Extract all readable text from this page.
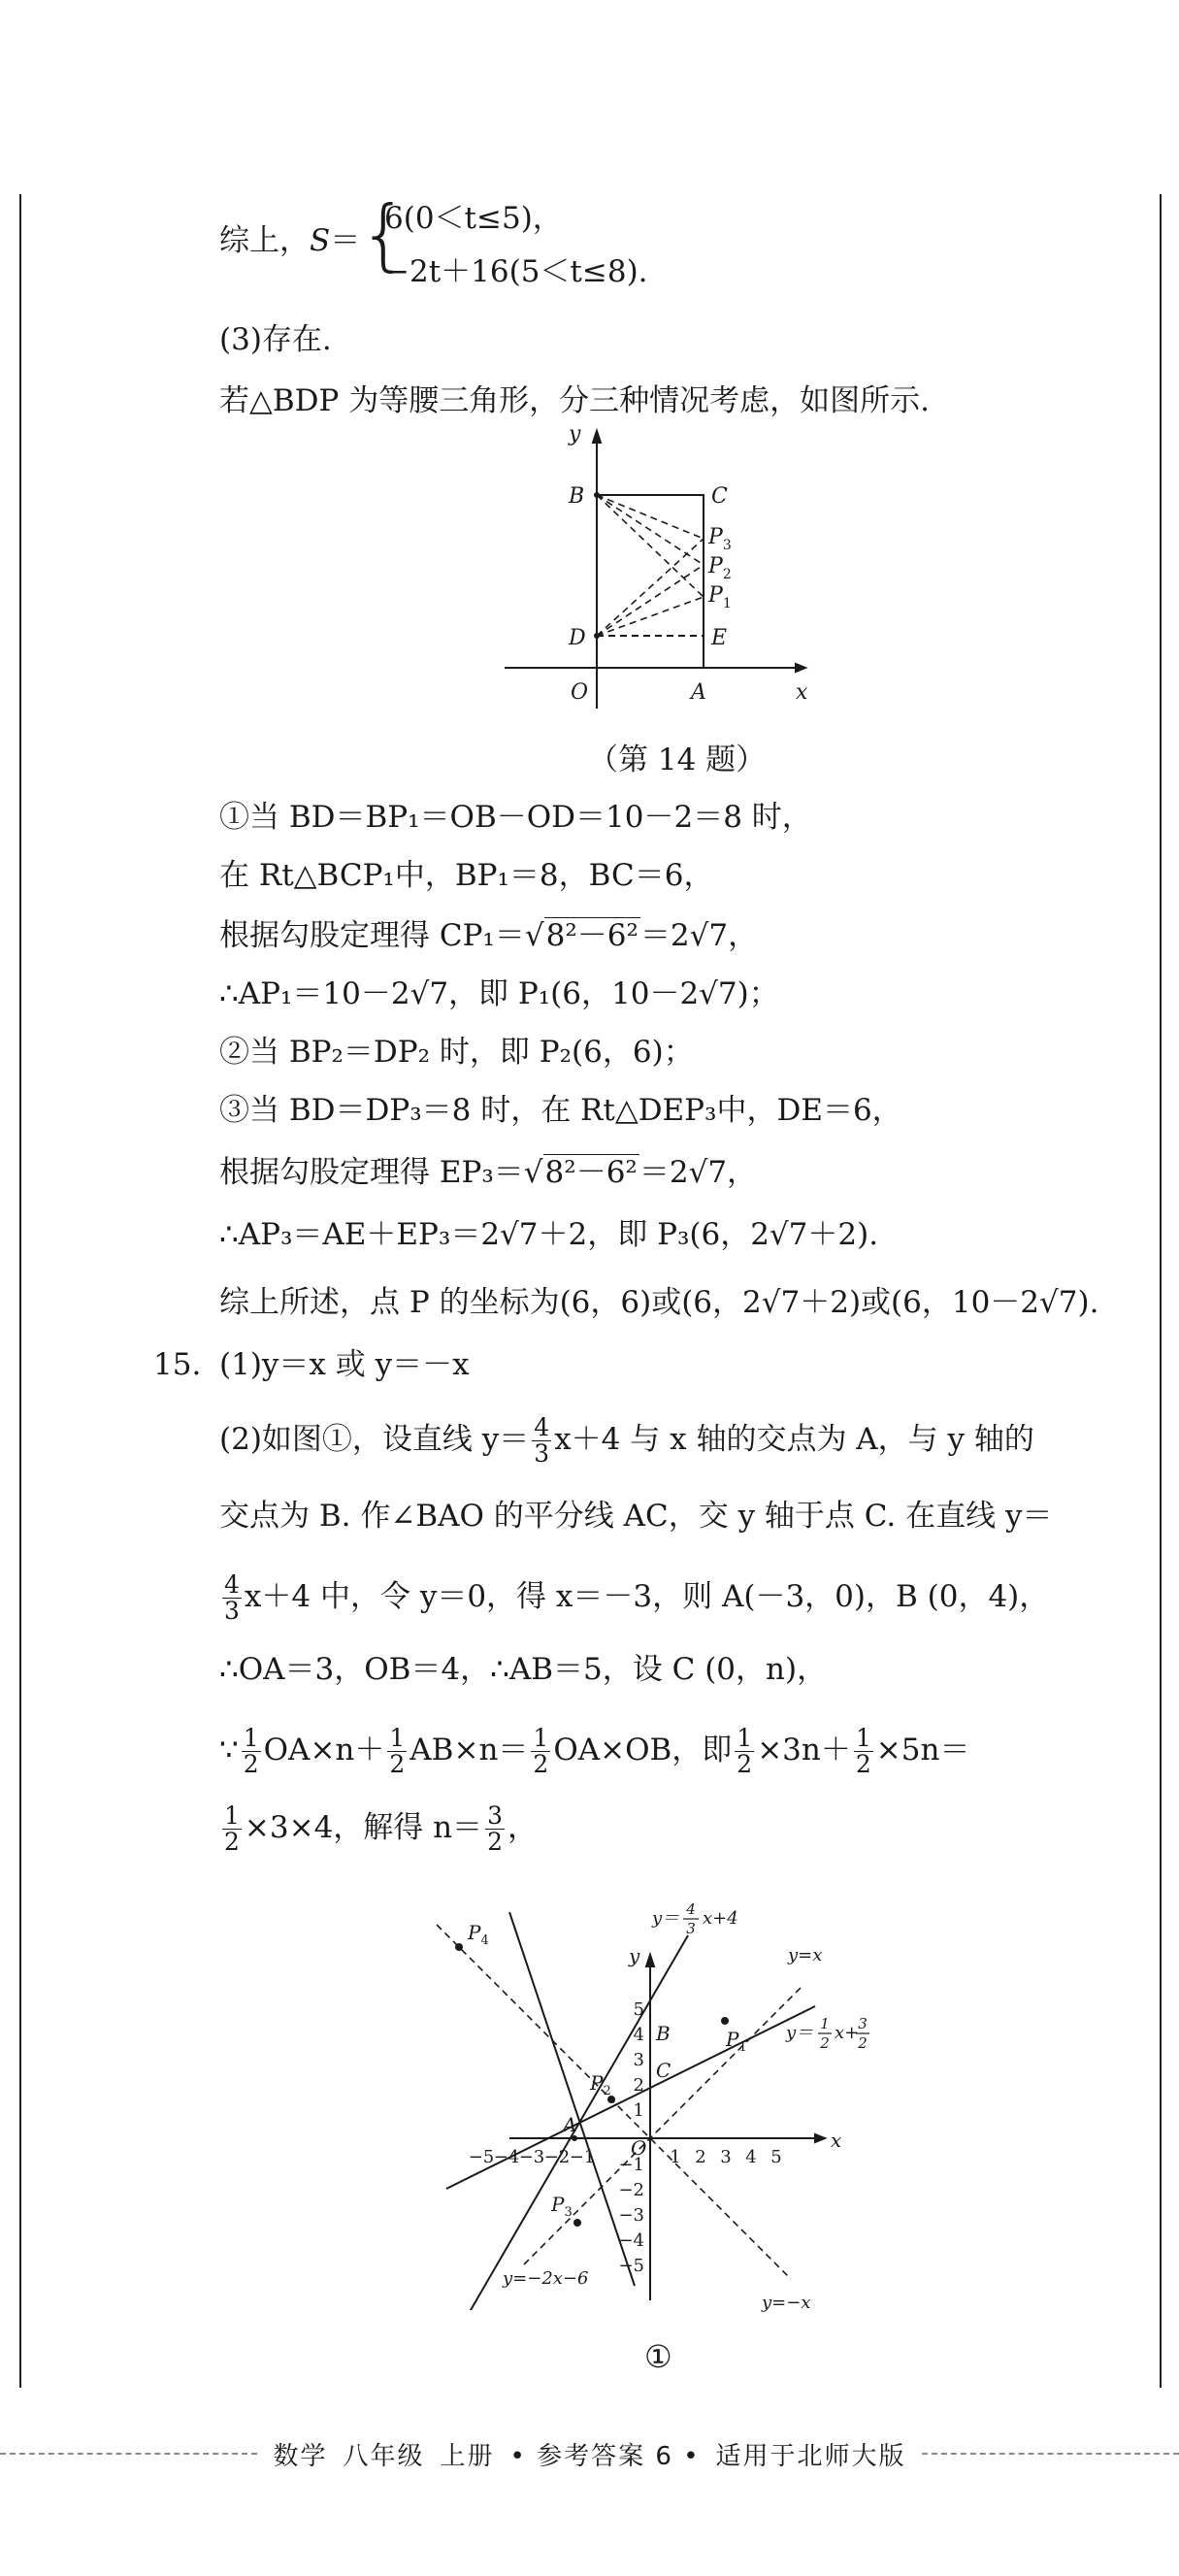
综上，S＝
{
6(0＜t≤5)，
−2t＋16(5＜t≤8).
(3)存在.
若△BDP 为等腰三角形，分三种情况考虑，如图所示.
y
x
B	C
$P_3$
$P_2$
$P_1$
D	E
O	A
（第 14 题）
①当 BD＝BP₁＝OB－OD＝10－2＝8 时，
在 Rt△BCP₁中，BP₁＝8，BC＝6，
根据勾股定理得 CP₁＝√8²－6²＝2√7，
∴AP₁＝10－2√7，即 P₁(6，10－2√7)；
②当 BP₂＝DP₂ 时，即 P₂(6，6)；
③当 BD＝DP₃＝8 时，在 Rt△DEP₃中，DE＝6，
根据勾股定理得 EP₃＝√8²－6²＝2√7，
∴AP₃＝AE＋EP₃＝2√7＋2，即 P₃(6，2√7＋2).
综上所述，点 P 的坐标为(6，6)或(6，2√7＋2)或(6，10－2√7).
15. (1)y＝x 或 y＝－x
(2)如图①，设直线 $y= \frac{4}{3} x+4$ 与 x 轴的交点为 A，与 y 轴的
交点为 B. 作∠BAO 的平分线 AC，交 y 轴于点 C. 在直线 y＝
$\frac{4}{3} x+4$ 中，令 y＝0，得 x＝－3，则 A(－3，0)，B (0，4)，
∴OA＝3，OB＝4，∴AB＝5，设 C (0，n)，
∵ $\frac{1}{2} OA\times n+ \frac{1}{2} AB\times n= \frac{1}{2} OA\times OB$，即 $\frac{1}{2} \times 3n+ \frac{1}{2} \times 5n=$
$\frac{1}{2} \times 3\times 4$，解得 $n= \frac{3}{2}$ ，
−5 −4 −3 −2 −1	1 2 3 4 5
5
4
3
2
1
−1
−2
−3
−4
−5
x
y
O
A
B
C
$P_4$
$P_1$
$P_2$
$P_3$
y＝ 4
3 x+4
y=x
y＝ 1
2 x+
3
2
y=−2x−6
y=−x
①
数学 八年级 上册 • 参考答案 6 • 适用于北师大版
